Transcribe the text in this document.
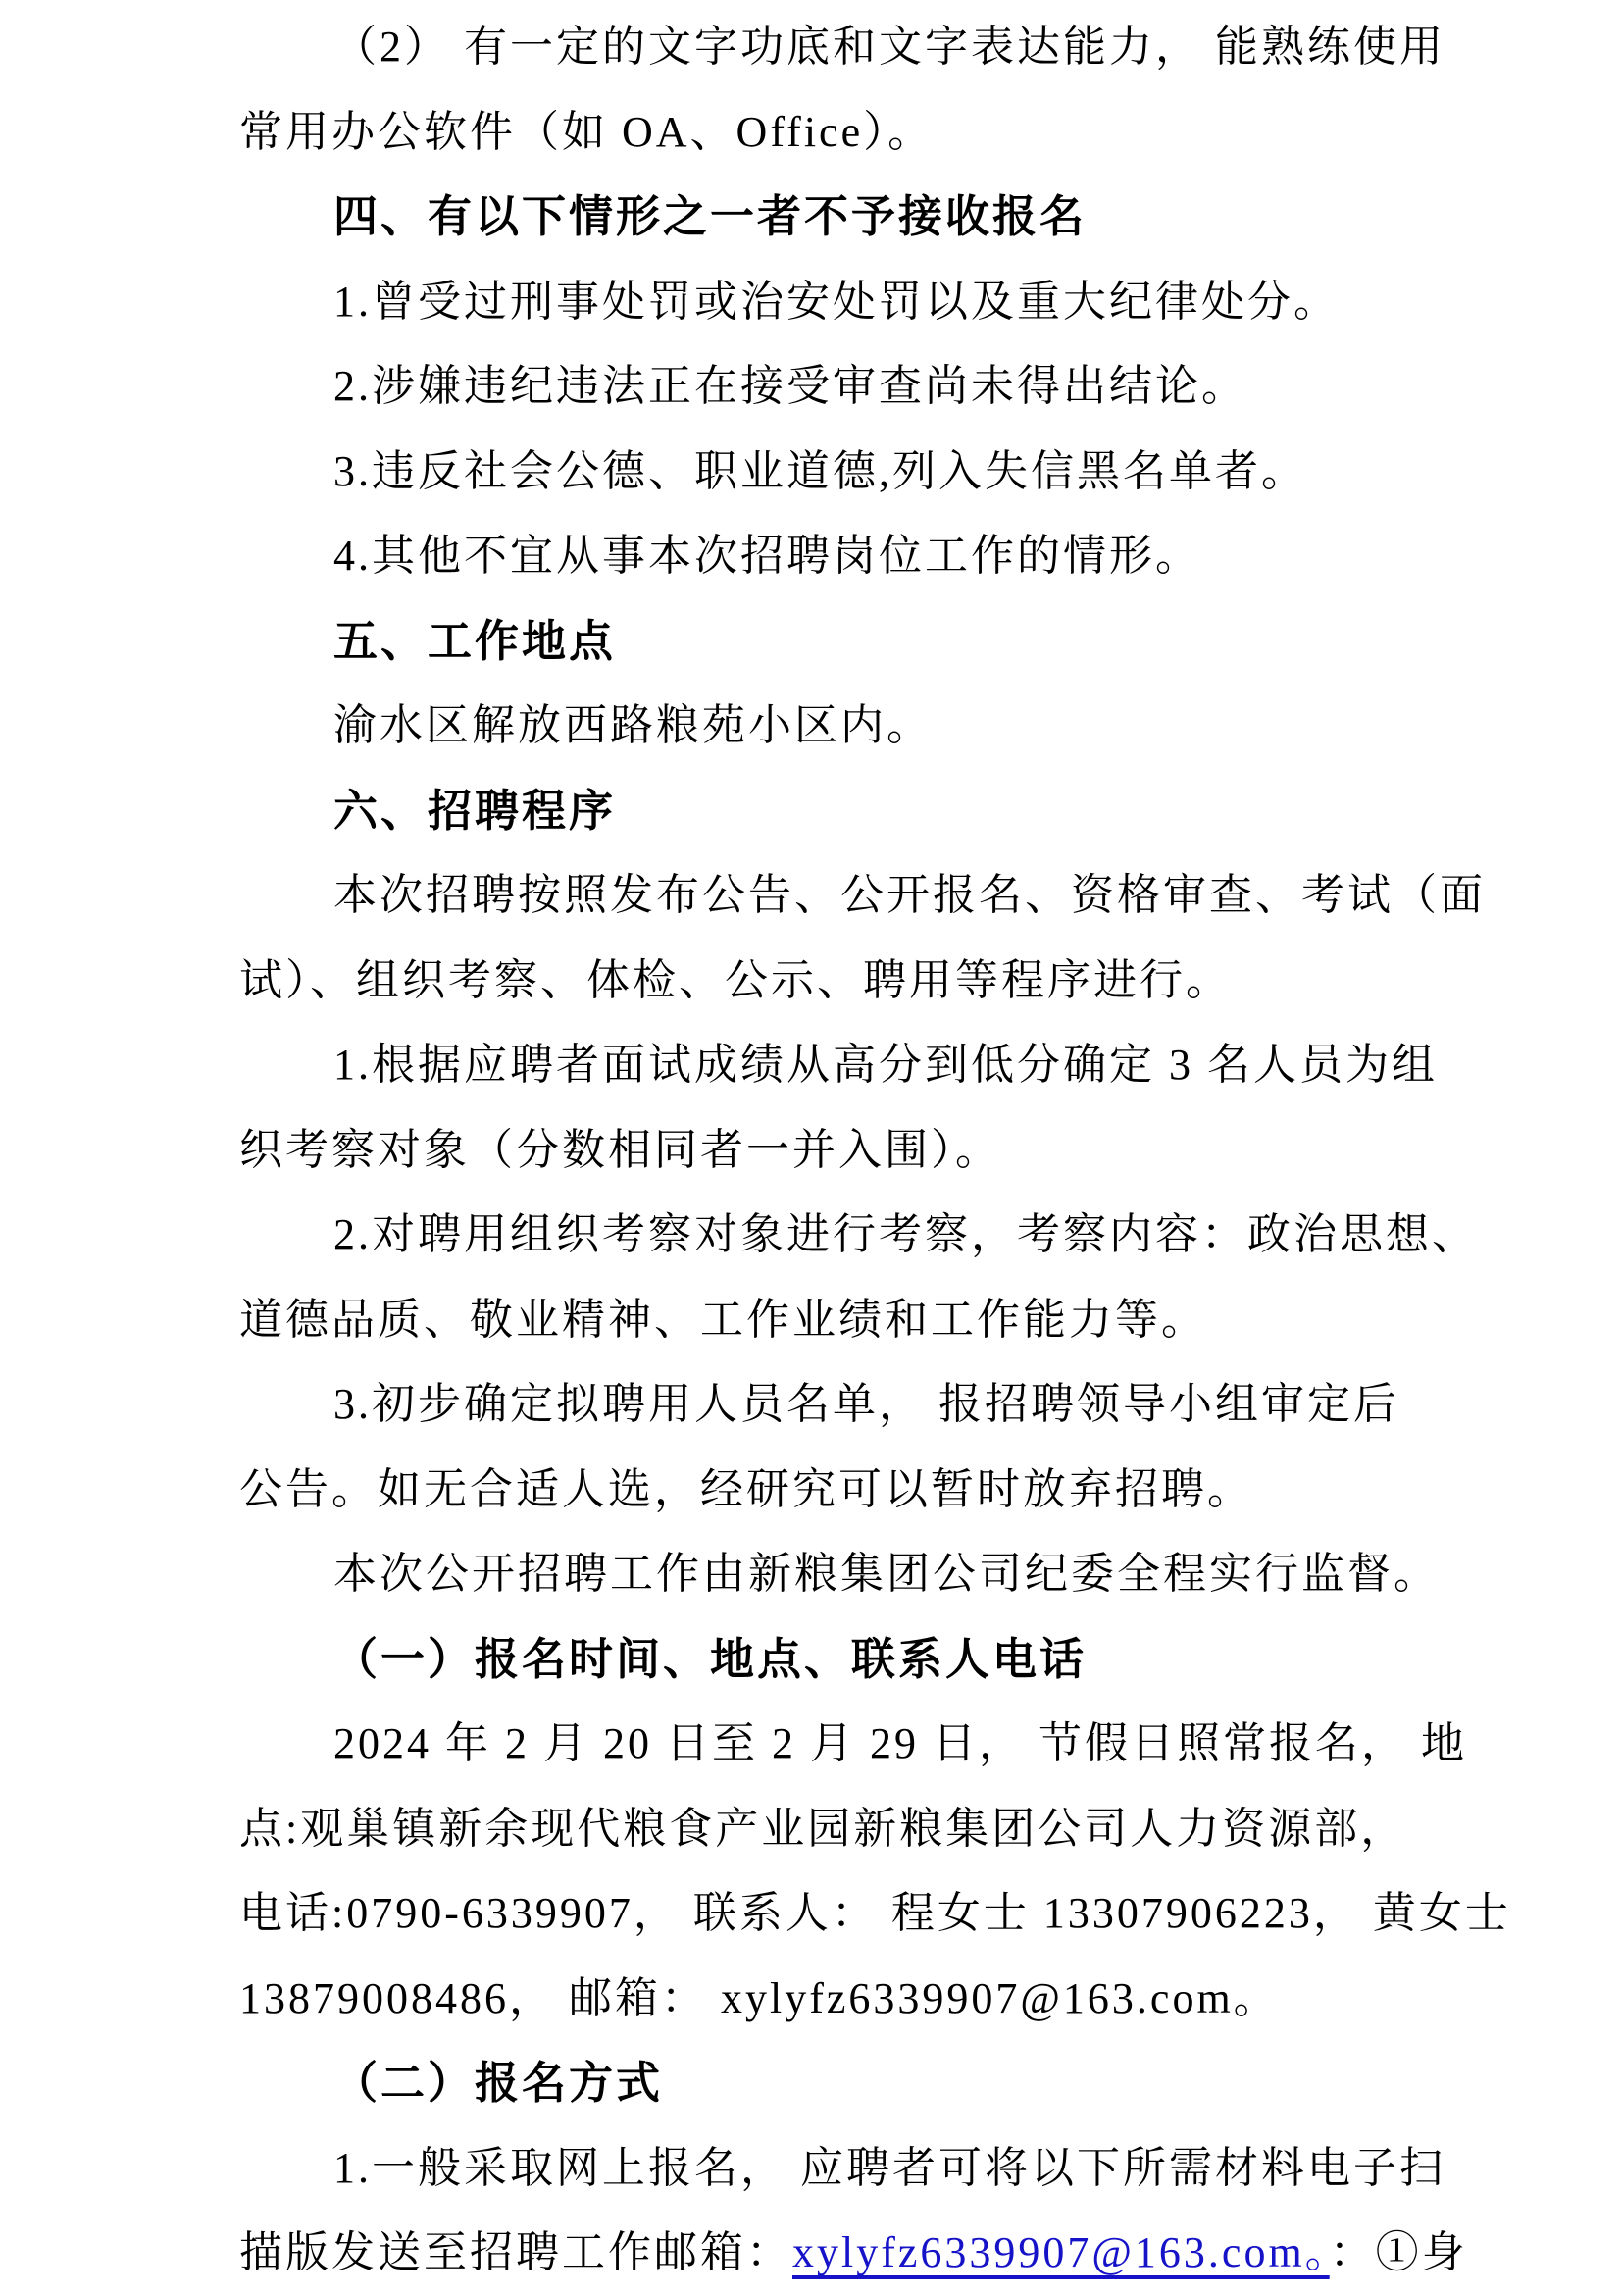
（2） 有一定的文字功底和文字表达能力， 能熟练使用
常用办公软件（如 OA、Office）。
四、有以下情形之一者不予接收报名
1.曾受过刑事处罚或治安处罚以及重大纪律处分。
2.涉嫌违纪违法正在接受审查尚未得出结论。
3.违反社会公德、职业道德,列入失信黑名单者。
4.其他不宜从事本次招聘岗位工作的情形。
五、工作地点
渝水区解放西路粮苑小区内。
六、招聘程序
本次招聘按照发布公告、公开报名、资格审查、考试（面
试）、组织考察、体检、公示、聘用等程序进行。
1.根据应聘者面试成绩从高分到低分确定 3 名人员为组
织考察对象（分数相同者一并入围）。
2.对聘用组织考察对象进行考察，考察内容：政治思想、
道德品质、敬业精神、工作业绩和工作能力等。
3.初步确定拟聘用人员名单， 报招聘领导小组审定后
公告。如无合适人选，经研究可以暂时放弃招聘。
本次公开招聘工作由新粮集团公司纪委全程实行监督。
（一）报名时间、地点、联系人电话
2024 年 2 月 20 日至 2 月 29 日， 节假日照常报名， 地
点:观巢镇新余现代粮食产业园新粮集团公司人力资源部，
电话:0790-6339907， 联系人： 程女士 13307906223， 黄女士
13879008486， 邮箱： xylyfz6339907@163.com。
（二）报名方式
1.一般采取网上报名， 应聘者可将以下所需材料电子扫
描版发送至招聘工作邮箱：xylyfz6339907@163.com。：①身
